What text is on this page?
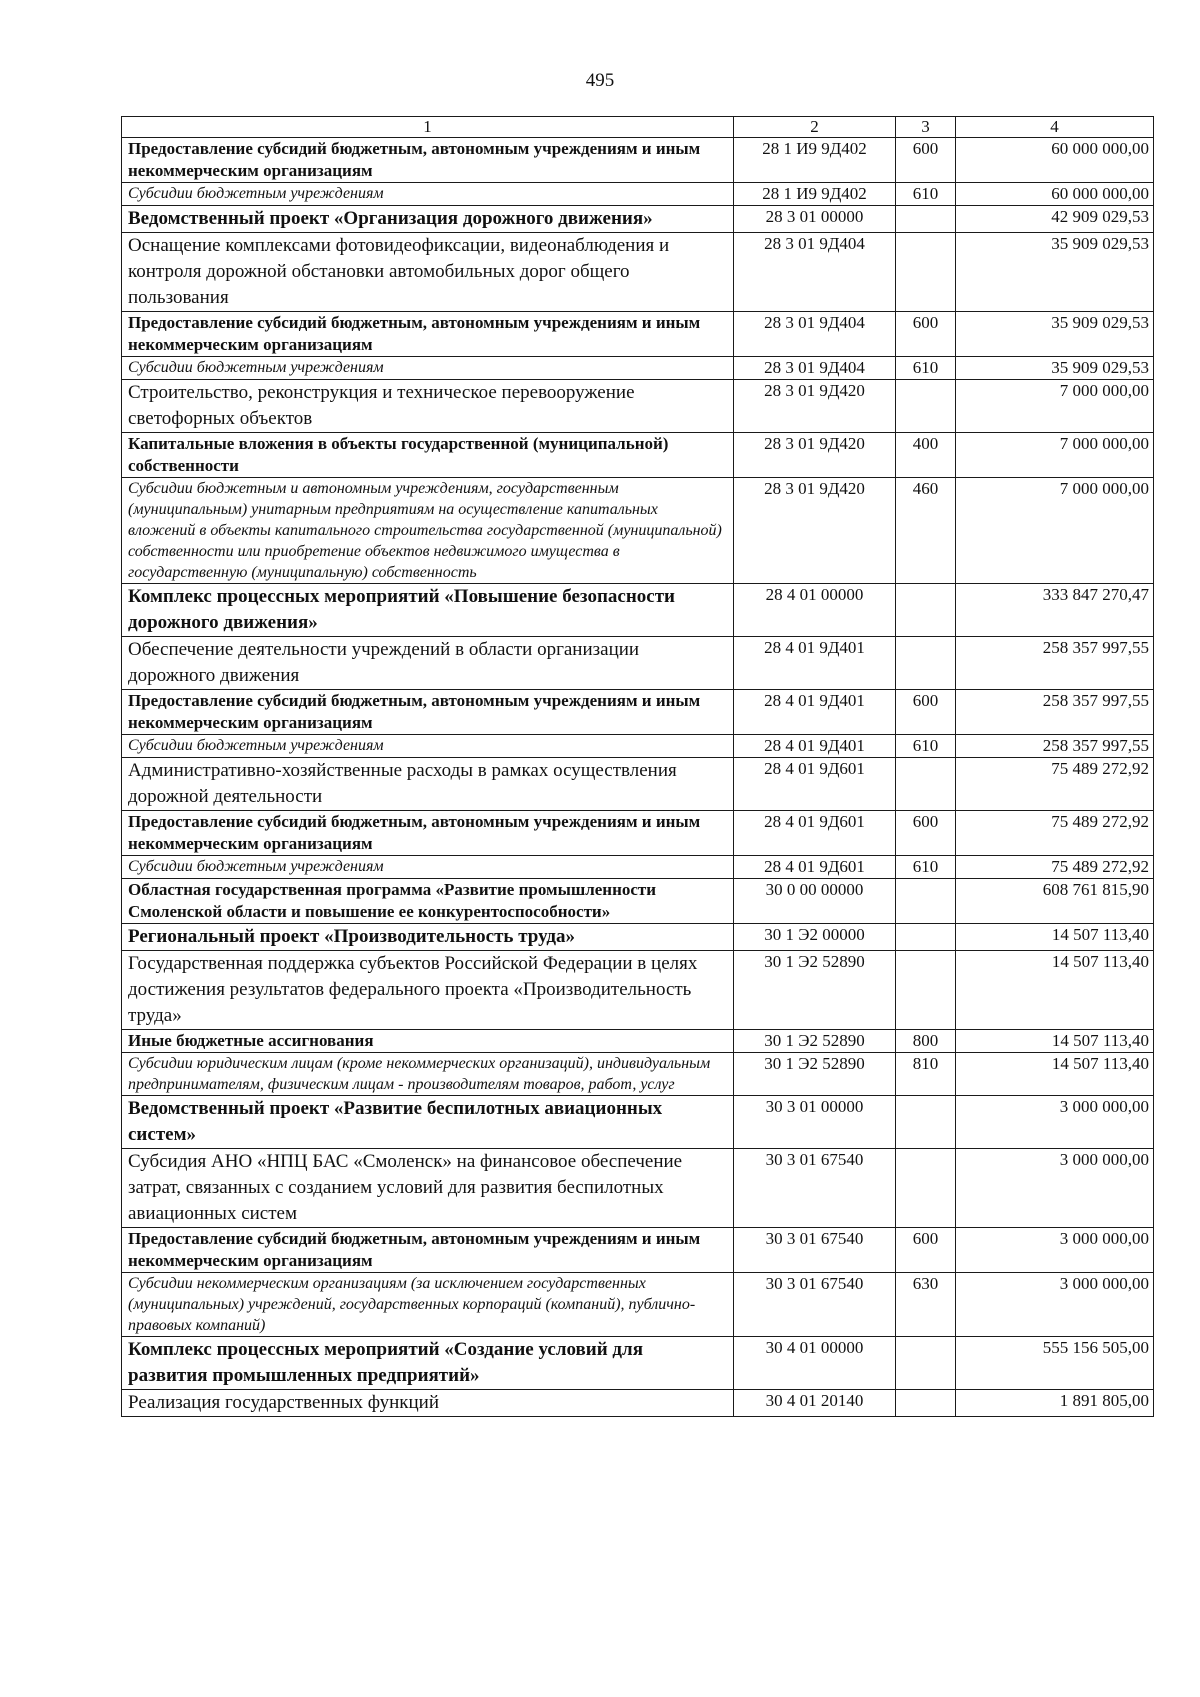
495
1	2	3	4
Предоставление субсидий бюджетным, автономным учреждениям и иным некоммерческим организациям	28 1 И9 9Д402	600	60 000 000,00
Субсидии бюджетным учреждениям	28 1 И9 9Д402	610	60 000 000,00
Ведомственный проект «Организация дорожного движения»	28 3 01 00000		42 909 029,53
Оснащение комплексами фотовидеофиксации, видеонаблюдения и контроля дорожной обстановки автомобильных дорог общего пользования	28 3 01 9Д404		35 909 029,53
Предоставление субсидий бюджетным, автономным учреждениям и иным некоммерческим организациям	28 3 01 9Д404	600	35 909 029,53
Субсидии бюджетным учреждениям	28 3 01 9Д404	610	35 909 029,53
Строительство, реконструкция и техническое перевооружение светофорных объектов	28 3 01 9Д420		7 000 000,00
Капитальные вложения в объекты государственной (муниципальной) собственности	28 3 01 9Д420	400	7 000 000,00
Субсидии бюджетным и автономным учреждениям, государственным (муниципальным) унитарным предприятиям на осуществление капитальных вложений в объекты капитального строительства государственной (муниципальной) собственности или приобретение объектов недвижимого имущества в государственную (муниципальную) собственность	28 3 01 9Д420	460	7 000 000,00
Комплекс процессных мероприятий «Повышение безопасности дорожного движения»	28 4 01 00000		333 847 270,47
Обеспечение деятельности учреждений в области организации дорожного движения	28 4 01 9Д401		258 357 997,55
Предоставление субсидий бюджетным, автономным учреждениям и иным некоммерческим организациям	28 4 01 9Д401	600	258 357 997,55
Субсидии бюджетным учреждениям	28 4 01 9Д401	610	258 357 997,55
Административно-хозяйственные расходы в рамках осуществления дорожной деятельности	28 4 01 9Д601		75 489 272,92
Предоставление субсидий бюджетным, автономным учреждениям и иным некоммерческим организациям	28 4 01 9Д601	600	75 489 272,92
Субсидии бюджетным учреждениям	28 4 01 9Д601	610	75 489 272,92
Областная государственная программа «Развитие промышленности Смоленской области и повышение ее конкурентоспособности»	30 0 00 00000		608 761 815,90
Региональный проект «Производительность труда»	30 1 Э2 00000		14 507 113,40
Государственная поддержка субъектов Российской Федерации в целях достижения результатов федерального проекта «Производительность труда»	30 1 Э2 52890		14 507 113,40
Иные бюджетные ассигнования	30 1 Э2 52890	800	14 507 113,40
Субсидии юридическим лицам (кроме некоммерческих организаций), индивидуальным предпринимателям, физическим лицам - производителям товаров, работ, услуг	30 1 Э2 52890	810	14 507 113,40
Ведомственный проект «Развитие беспилотных авиационных систем»	30 3 01 00000		3 000 000,00
Субсидия АНО «НПЦ БАС «Смоленск» на финансовое обеспечение затрат, связанных с созданием условий для развития беспилотных авиационных систем	30 3 01 67540		3 000 000,00
Предоставление субсидий бюджетным, автономным учреждениям и иным некоммерческим организациям	30 3 01 67540	600	3 000 000,00
Субсидии некоммерческим организациям (за исключением государственных (муниципальных) учреждений, государственных корпораций (компаний), публично-правовых компаний)	30 3 01 67540	630	3 000 000,00
Комплекс процессных мероприятий «Создание условий для развития промышленных предприятий»	30 4 01 00000		555 156 505,00
Реализация государственных функций	30 4 01 20140		1 891 805,00
